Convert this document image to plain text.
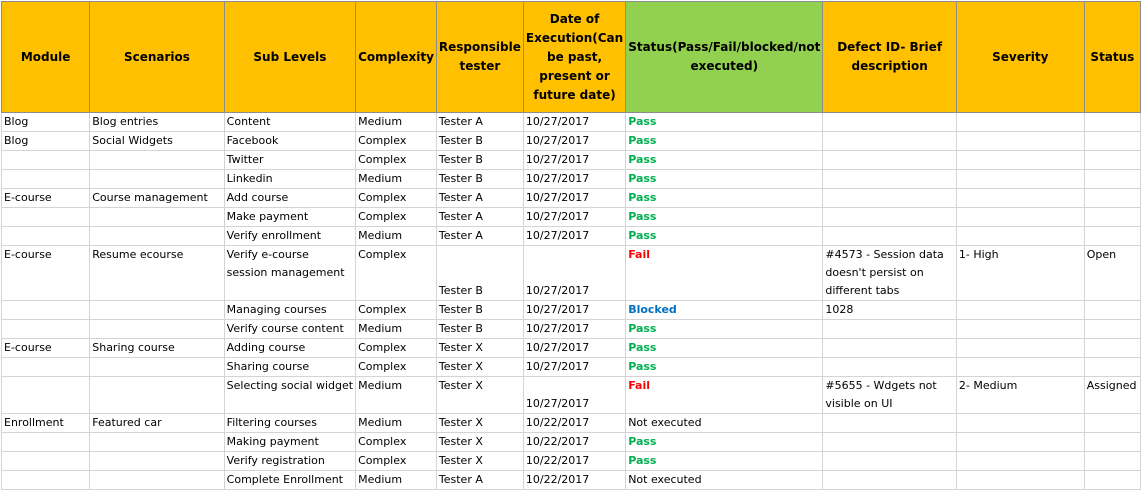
Module	Scenarios	Sub Levels	Complexity	Responsible tester	Date of Execution(Can be past, present or future date)	Status(Pass/Fail/blocked/not executed)	Defect ID- Brief description	Severity	Status
Blog	Blog entries	Content	Medium	Tester A	10/27/2017	Pass			
Blog	Social Widgets	Facebook	Complex	Tester B	10/27/2017	Pass			
		Twitter	Complex	Tester B	10/27/2017	Pass			
		Linkedin	Medium	Tester B	10/27/2017	Pass			
E-course	Course management	Add course	Complex	Tester A	10/27/2017	Pass			
		Make payment	Complex	Tester A	10/27/2017	Pass			
		Verify enrollment	Medium	Tester A	10/27/2017	Pass			
E-course	Resume ecourse	Verify e-course session management	Complex	Tester B	10/27/2017	Fail	#4573 - Session data doesn't persist on different tabs	1- High	Open
		Managing courses	Complex	Tester B	10/27/2017	Blocked	1028		
		Verify course content	Medium	Tester B	10/27/2017	Pass			
E-course	Sharing course	Adding course	Complex	Tester X	10/27/2017	Pass			
		Sharing course	Complex	Tester X	10/27/2017	Pass			
		Selecting social widget	Medium	Tester X	10/27/2017	Fail	#5655 - Wdgets not visible on UI	2- Medium	Assigned
Enrollment	Featured car	Filtering courses	Medium	Tester X	10/22/2017	Not executed			
		Making payment	Complex	Tester X	10/22/2017	Pass			
		Verify registration	Complex	Tester X	10/22/2017	Pass			
		Complete Enrollment	Medium	Tester A	10/22/2017	Not executed			
